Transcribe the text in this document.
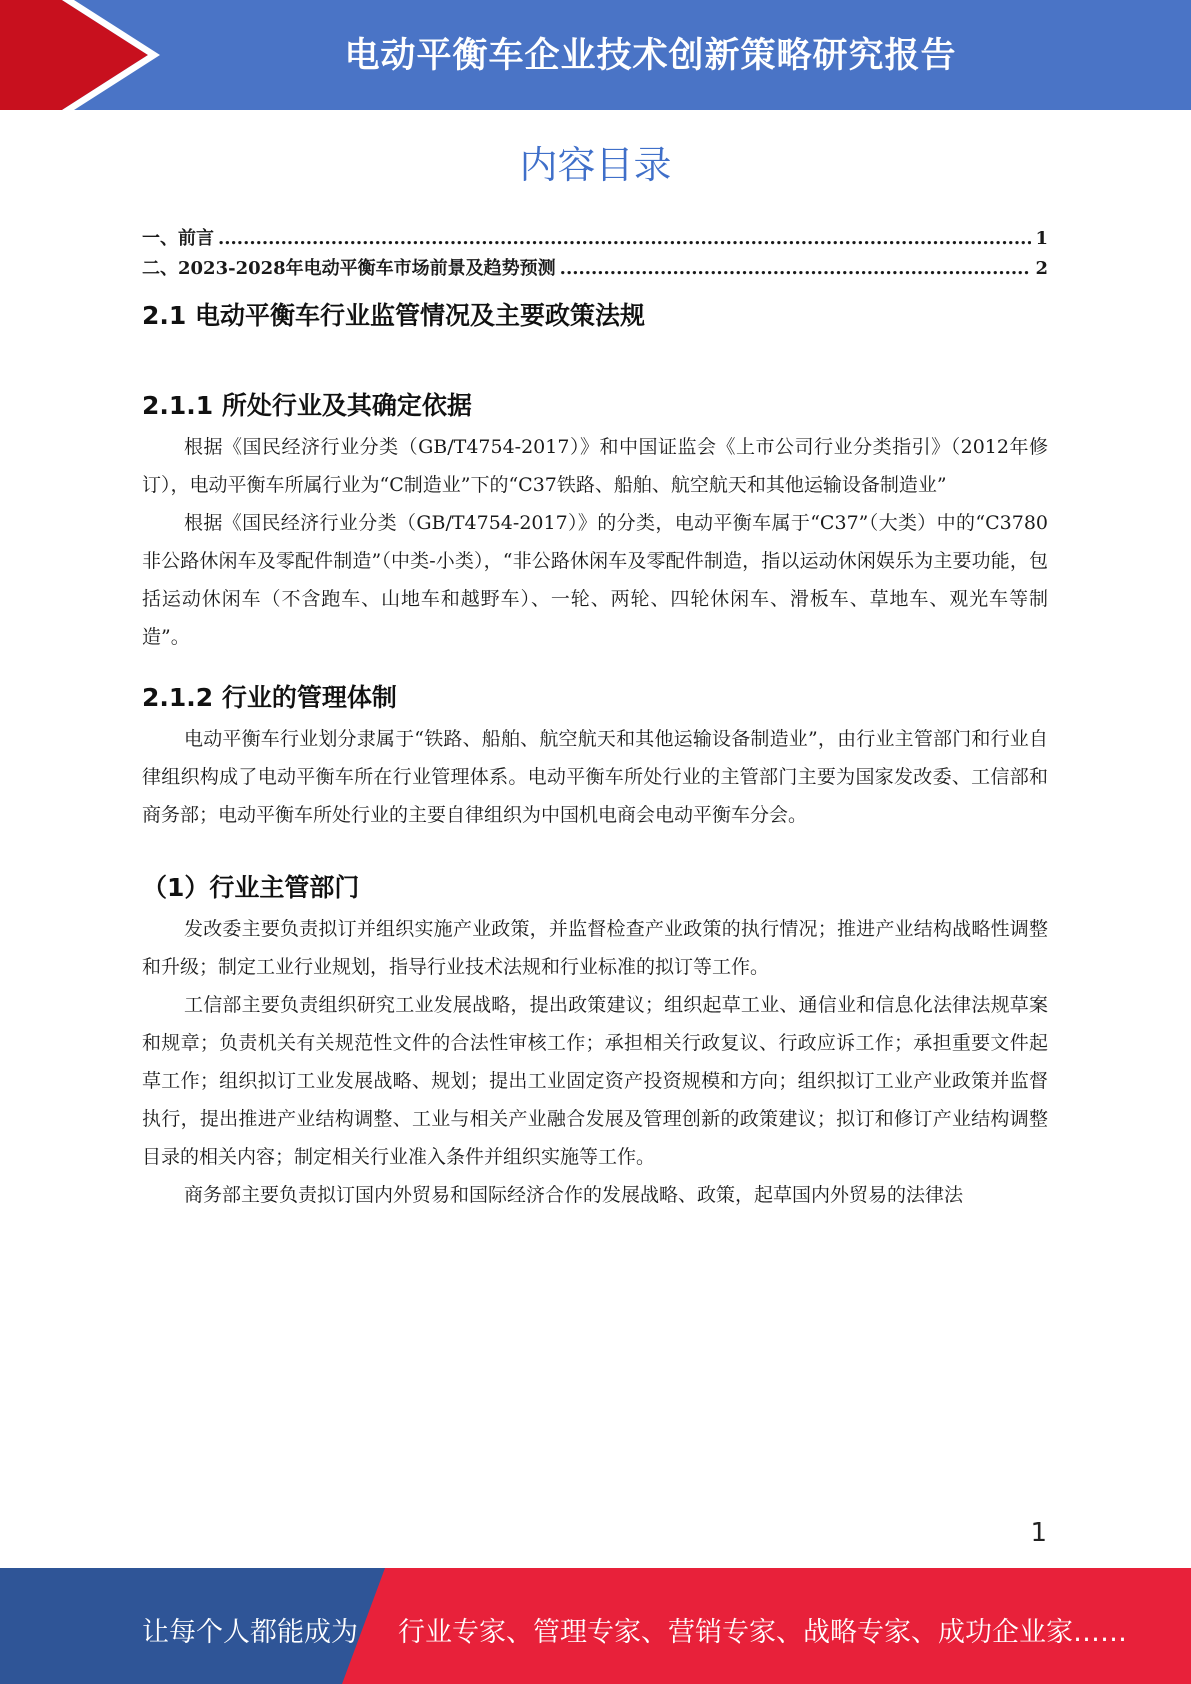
电动平衡车企业技术创新策略研究报告
内容目录
一、前言 .....	1
二、2023-2028年电动平衡车市场前景及趋势预测 .....	2
2.1 电动平衡车行业监管情况及主要政策法规
2.1.1 所处行业及其确定依据

根据《国民经济行业分类（GB/T4754-2017）》和中国证监会《上市公司行业分类指引》（2012年修订），电动平衡车所属行业为“C制造业”下的“C37铁路、船舶、航空航天和其他运输设备制造业”

根据《国民经济行业分类（GB/T4754-2017）》的分类，电动平衡车属于“C37”（大类）中的“C3780非公路休闲车及零配件制造”（中类-小类），“非公路休闲车及零配件制造，指以运动休闲娱乐为主要功能，包括运动休闲车（不含跑车、山地车和越野车）、一轮、两轮、四轮休闲车、滑板车、草地车、观光车等制造”。

2.1.2 行业的管理体制

电动平衡车行业划分隶属于“铁路、船舶、航空航天和其他运输设备制造业”，由行业主管部门和行业自律组织构成了电动平衡车所在行业管理体系。电动平衡车所处行业的主管部门主要为国家发改委、工信部和商务部；电动平衡车所处行业的主要自律组织为中国机电商会电动平衡车分会。

（1）行业主管部门

发改委主要负责拟订并组织实施产业政策，并监督检查产业政策的执行情况；推进产业结构战略性调整和升级；制定工业行业规划，指导行业技术法规和行业标准的拟订等工作。

工信部主要负责组织研究工业发展战略，提出政策建议；组织起草工业、通信业和信息化法律法规草案和规章；负责机关有关规范性文件的合法性审核工作；承担相关行政复议、行政应诉工作；承担重要文件起草工作；组织拟订工业发展战略、规划；提出工业固定资产投资规模和方向；组织拟订工业产业政策并监督执行，提出推进产业结构调整、工业与相关产业融合发展及管理创新的政策建议；拟订和修订产业结构调整目录的相关内容；制定相关行业准入条件并组织实施等工作。

商务部主要负责拟订国内外贸易和国际经济合作的发展战略、政策，起草国内外贸易的法律法

1
让每个人都能成为 行业专家、管理专家、营销专家、战略专家、成功企业家……
